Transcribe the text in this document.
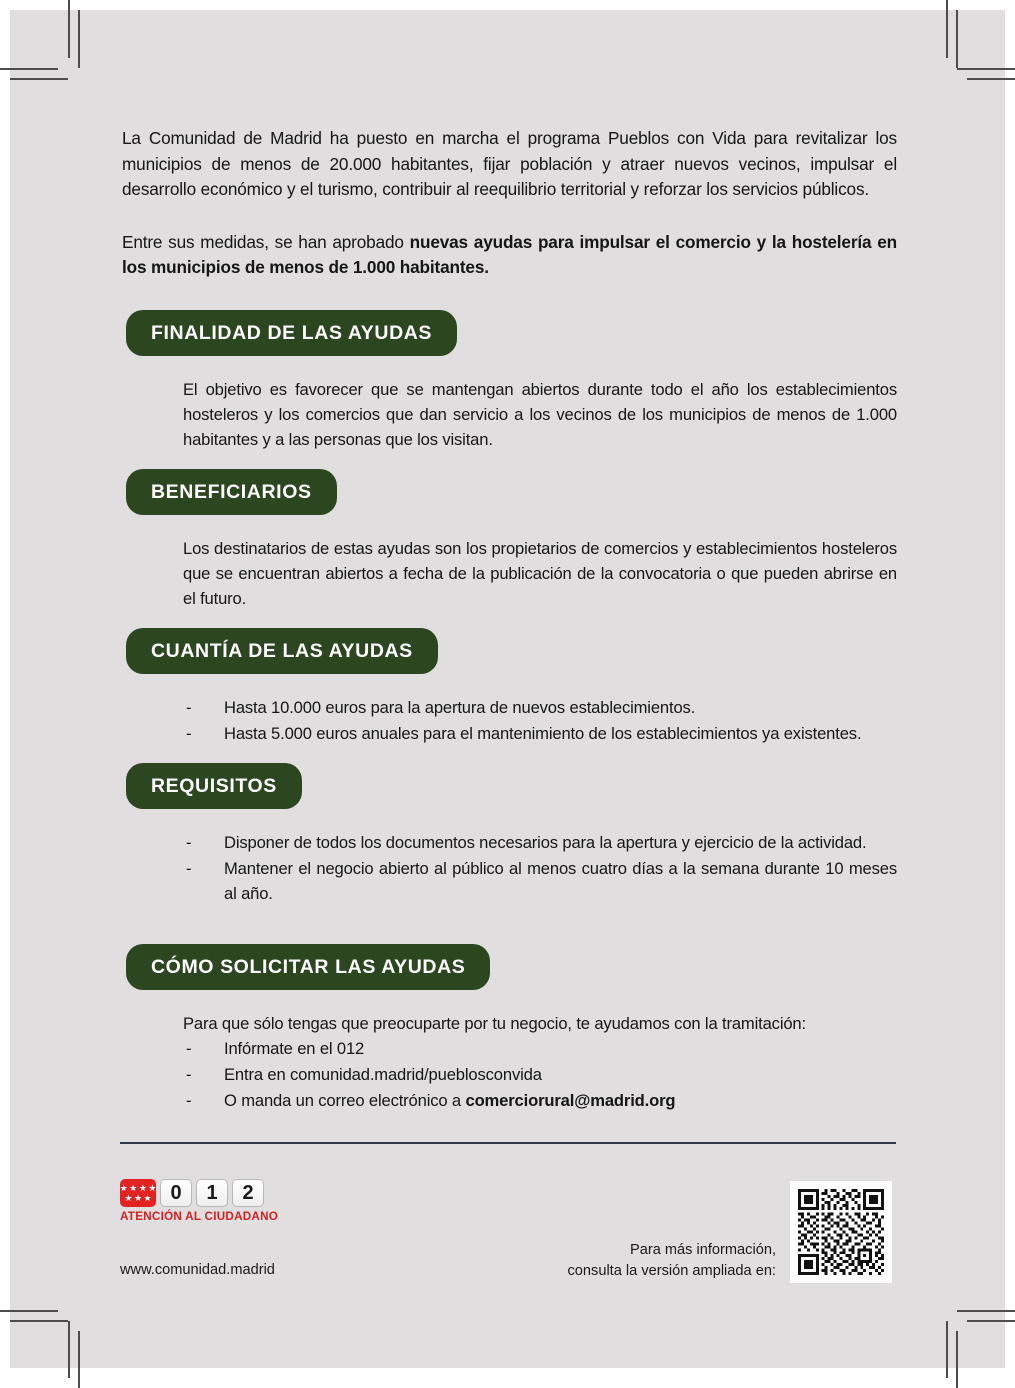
La Comunidad de Madrid ha puesto en marcha el programa Pueblos con Vida para revitalizar los municipios de menos de 20.000 habitantes, fijar población y atraer nuevos vecinos, impulsar el desarrollo económico y el turismo, contribuir al reequilibrio territorial y reforzar los servicios públicos.

Entre sus medidas, se han aprobado nuevas ayudas para impulsar el comercio y la hostelería en los municipios de menos de 1.000 habitantes.

FINALIDAD DE LAS AYUDAS

El objetivo es favorecer que se mantengan abiertos durante todo el año los establecimientos hosteleros y los comercios que dan servicio a los vecinos de los municipios de menos de 1.000 habitantes y a las personas que los visitan.

BENEFICIARIOS

Los destinatarios de estas ayudas son los propietarios de comercios y establecimientos hosteleros que se encuentran abiertos a fecha de la publicación de la convocatoria o que pueden abrirse en el futuro.

CUANTÍA DE LAS AYUDAS
- Hasta 10.000 euros para la apertura de nuevos establecimientos.
- Hasta 5.000 euros anuales para el mantenimiento de los establecimientos ya existentes.
REQUISITOS
- Disponer de todos los documentos necesarios para la apertura y ejercicio de la actividad.
- Mantener el negocio abierto al público al menos cuatro días a la semana durante 10 meses al año.
CÓMO SOLICITAR LAS AYUDAS

Para que sólo tengas que preocuparte por tu negocio, te ayudamos con la tramitación:

- Infórmate en el 012
- Entra en comunidad.madrid/pueblosconvida
- O manda un correo electrónico a comerciorural@madrid.org
★ ★ ★ ★
★ ★ ★ 0	1	2
ATENCIÓN AL CIUDADANO
www.comunidad.madrid
Para más información,
consulta la versión ampliada en:
